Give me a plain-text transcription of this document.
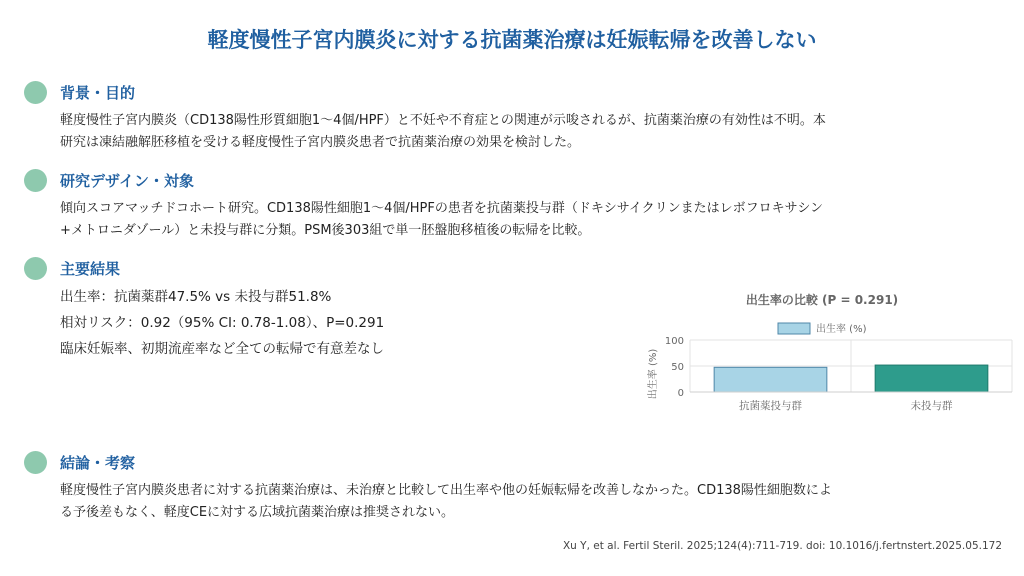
軽度慢性子宮内膜炎に対する抗菌薬治療は妊娠転帰を改善しない
背景・目的
軽度慢性子宮内膜炎（CD138陽性形質細胞1〜4個/HPF）と不妊や不育症との関連が示唆されるが、抗菌薬治療の有効性は不明。本
研究は凍結融解胚移植を受ける軽度慢性子宮内膜炎患者で抗菌薬治療の効果を検討した。
研究デザイン・対象
傾向スコアマッチドコホート研究。CD138陽性細胞1〜4個/HPFの患者を抗菌薬投与群（ドキシサイクリンまたはレボフロキサシン
+メトロニダゾール）と未投与群に分類。PSM後303組で単一胚盤胞移植後の転帰を比較。
主要結果
出生率：抗菌薬群47.5% vs 未投与群51.8%
相対リスク：0.92（95% CI: 0.78-1.08）、P=0.291
臨床妊娠率、初期流産率など全ての転帰で有意差なし
出生率の比較 (P = 0.291)
出生率 (%)
出生率 (%) 0
50
100
抗菌薬投与群	未投与群
結論・考察
軽度慢性子宮内膜炎患者に対する抗菌薬治療は、未治療と比較して出生率や他の妊娠転帰を改善しなかった。CD138陽性細胞数によ
る予後差もなく、軽度CEに対する広域抗菌薬治療は推奨されない。
Xu Y, et al. Fertil Steril. 2025;124(4):711-719. doi: 10.1016/j.fertnstert.2025.05.172
